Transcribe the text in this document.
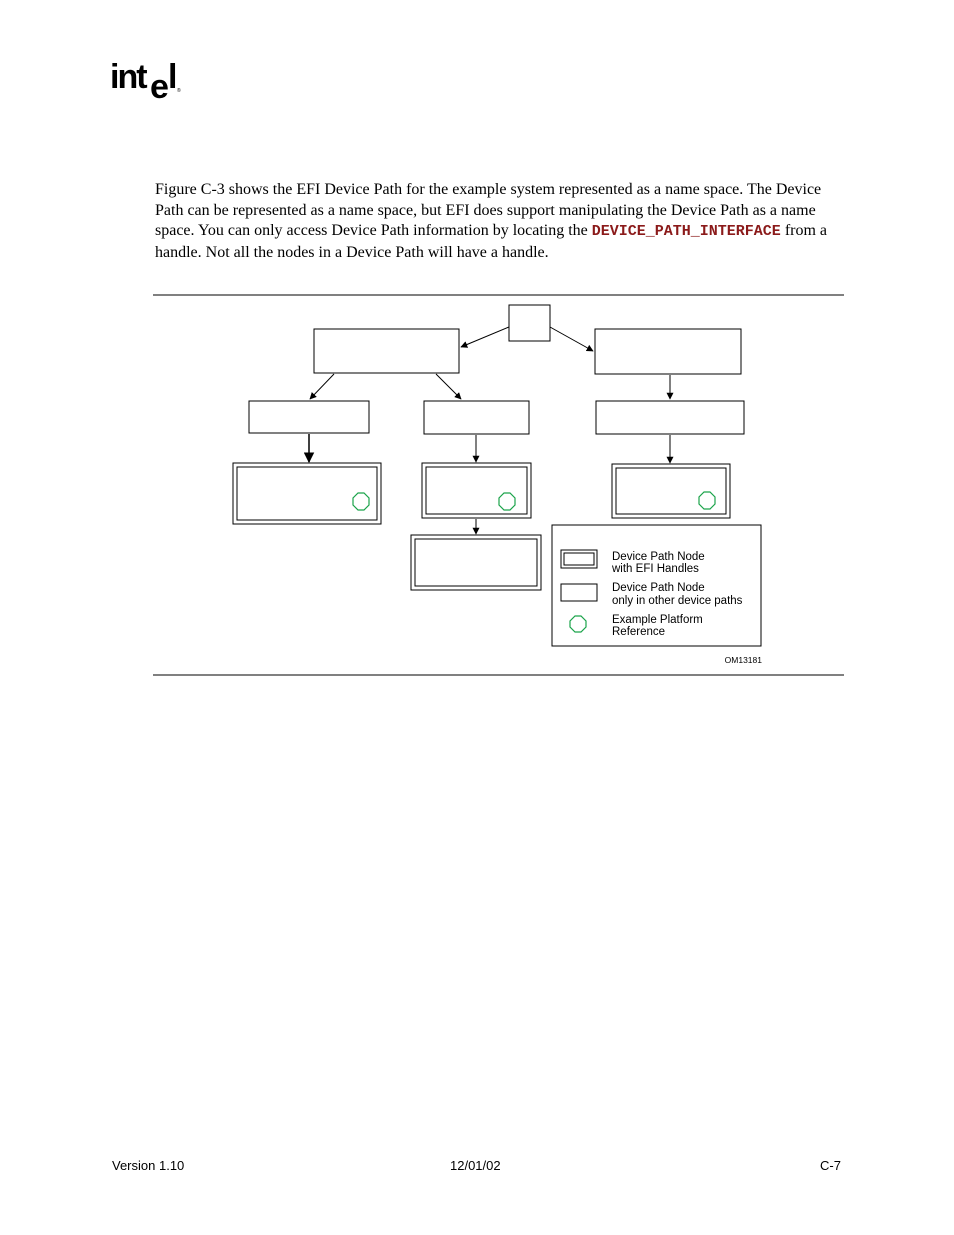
int e l ®

Figure C-3 shows the EFI Device Path for the example system represented as a name space. The Device Path can be represented as a name space, but EFI does support manipulating the Device Path as a name space. You can only access Device Path information by locating the DEVICE_PATH_INTERFACE from a handle. Not all the nodes in a Device Path will have a handle.

Device Path Node
with EFI Handles
Device Path Node
only in other device paths
Example Platform
Reference
OM13181
Version 1.10	12/01/02	C-7
